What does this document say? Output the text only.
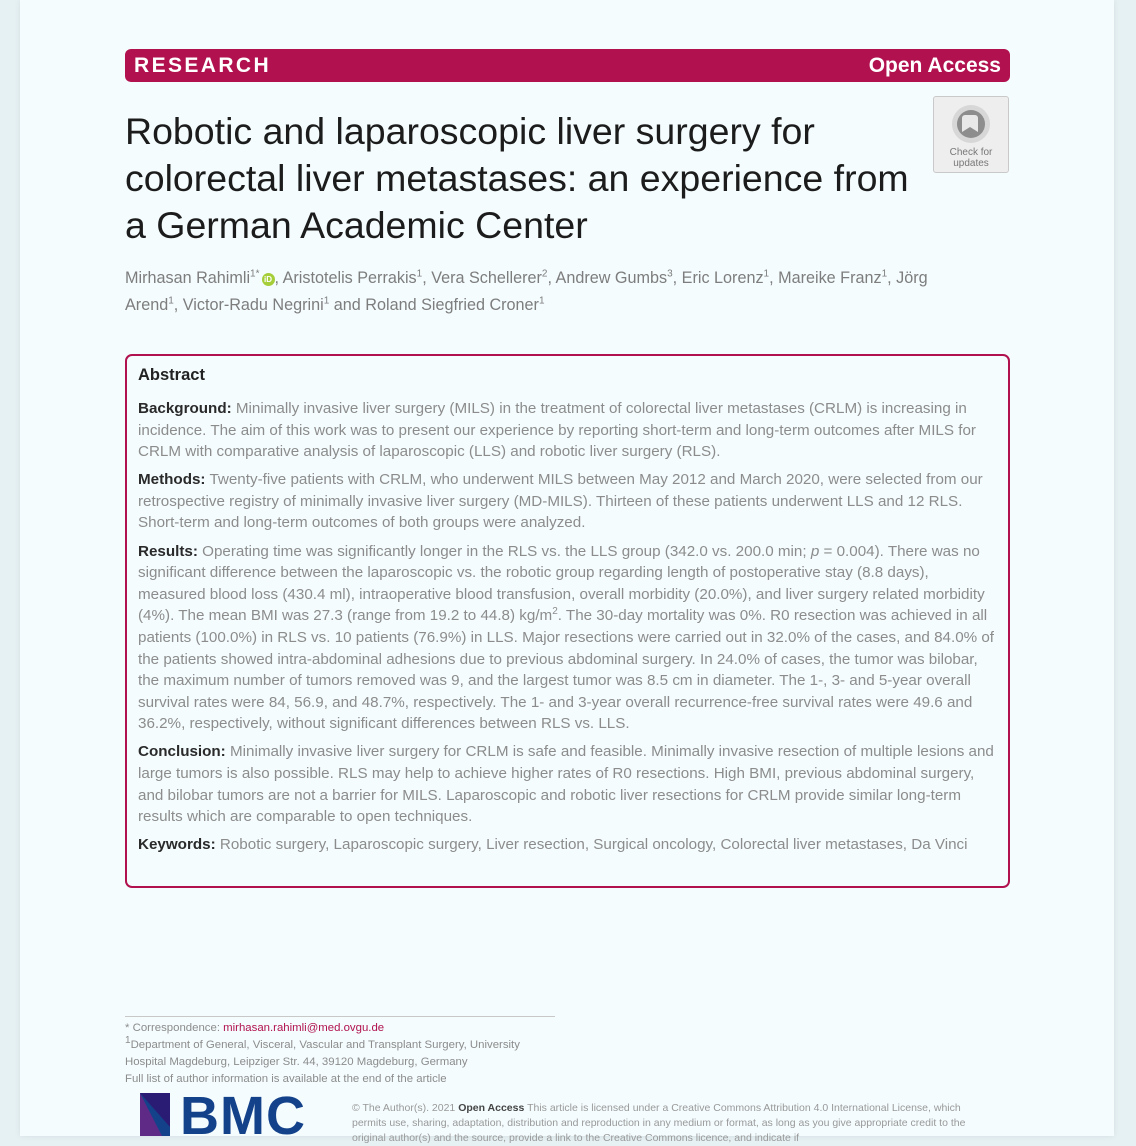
RESEARCH	Open Access
Robotic and laparoscopic liver surgery for colorectal liver metastases: an experience from a German Academic Center
Check for updates
Mirhasan Rahimli$^{1*}$ iD , Aristotelis Perrakis$^1$, Vera Schellerer$^2$, Andrew Gumbs$^3$, Eric Lorenz$^1$, Mareike Franz$^1$, Jörg Arend$^1$, Victor-Radu Negrini$^1$ and Roland Siegfried Croner$^1$
Abstract

Background: Minimally invasive liver surgery (MILS) in the treatment of colorectal liver metastases (CRLM) is increasing in incidence. The aim of this work was to present our experience by reporting short-term and long-term outcomes after MILS for CRLM with comparative analysis of laparoscopic (LLS) and robotic liver surgery (RLS).

Methods: Twenty-five patients with CRLM, who underwent MILS between May 2012 and March 2020, were selected from our retrospective registry of minimally invasive liver surgery (MD-MILS). Thirteen of these patients underwent LLS and 12 RLS. Short-term and long-term outcomes of both groups were analyzed.

Results: Operating time was significantly longer in the RLS vs. the LLS group (342.0 vs. 200.0 min; p = 0.004). There was no significant difference between the laparoscopic vs. the robotic group regarding length of postoperative stay (8.8 days), measured blood loss (430.4 ml), intraoperative blood transfusion, overall morbidity (20.0%), and liver surgery related morbidity (4%). The mean BMI was 27.3 (range from 19.2 to 44.8) $kg/m^2$. The 30-day mortality was 0%. R0 resection was achieved in all patients (100.0%) in RLS vs. 10 patients (76.9%) in LLS. Major resections were carried out in 32.0% of the cases, and 84.0% of the patients showed intra-abdominal adhesions due to previous abdominal surgery. In 24.0% of cases, the tumor was bilobar, the maximum number of tumors removed was 9, and the largest tumor was 8.5 cm in diameter. The 1-, 3- and 5-year overall survival rates were 84, 56.9, and 48.7%, respectively. The 1- and 3-year overall recurrence-free survival rates were 49.6 and 36.2%, respectively, without significant differences between RLS vs. LLS.

Conclusion: Minimally invasive liver surgery for CRLM is safe and feasible. Minimally invasive resection of multiple lesions and large tumors is also possible. RLS may help to achieve higher rates of R0 resections. High BMI, previous abdominal surgery, and bilobar tumors are not a barrier for MILS. Laparoscopic and robotic liver resections for CRLM provide similar long-term results which are comparable to open techniques.

Keywords: Robotic surgery, Laparoscopic surgery, Liver resection, Surgical oncology, Colorectal liver metastases, Da Vinci

* Correspondence: mirhasan.rahimli@med.ovgu.de
$^1$Department of General, Visceral, Vascular and Transplant Surgery, University Hospital Magdeburg, Leipziger Str. 44, 39120 Magdeburg, Germany
Full list of author information is available at the end of the article
BMC	© The Author(s). 2021 Open Access This article is licensed under a Creative Commons Attribution 4.0 International License, which permits use, sharing, adaptation, distribution and reproduction in any medium or format, as long as you give appropriate credit to the original author(s) and the source, provide a link to the Creative Commons licence, and indicate if
